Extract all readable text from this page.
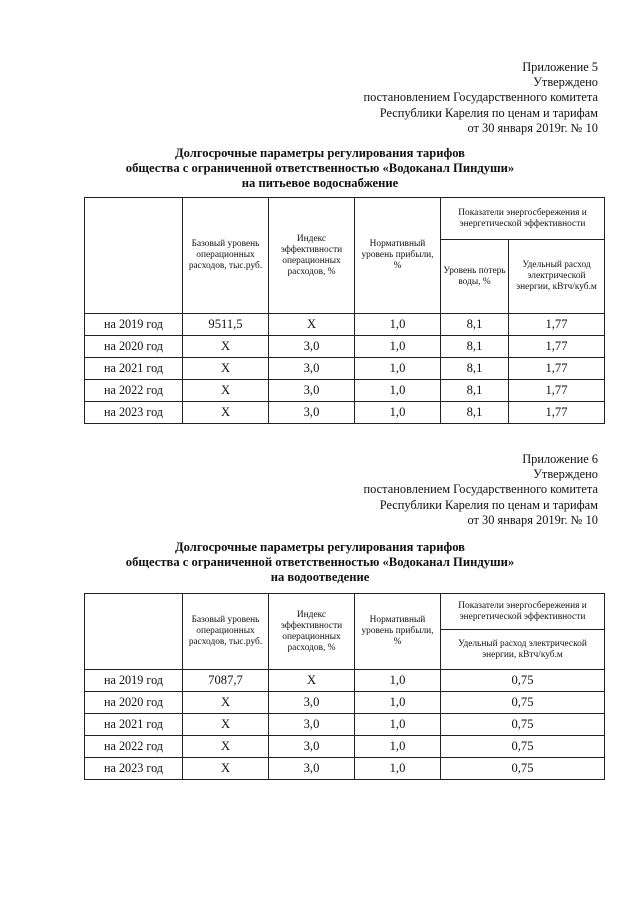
Приложение 5
Утверждено
постановлением Государственного комитета
Республики Карелия по ценам и тарифам
от 30 января 2019г. № 10
Долгосрочные параметры регулирования тарифов
общества с ограниченной ответственностью «Водоканал Пиндуши»
на питьевое водоснабжение
	Базовый уровень операционных расходов, тыс.руб.	Индекс эффективности операционных расходов, %	Нормативный уровень прибыли, %	Показатели энергосбережения и энергетической эффективности	
				Уровень потерь воды, %	Удельный расход электрической энергии, кВтч/куб.м
на 2019 год	9511,5	Х	1,0	8,1	1,77
на 2020 год	Х	3,0	1,0	8,1	1,77
на 2021 год	Х	3,0	1,0	8,1	1,77
на 2022 год	Х	3,0	1,0	8,1	1,77
на 2023 год	Х	3,0	1,0	8,1	1,77
Приложение 6
Утверждено
постановлением Государственного комитета
Республики Карелия по ценам и тарифам
от 30 января 2019г. № 10
Долгосрочные параметры регулирования тарифов
общества с ограниченной ответственностью «Водоканал Пиндуши»
на водоотведение
	Базовый уровень операционных расходов, тыс.руб.	Индекс эффективности операционных расходов, %	Нормативный уровень прибыли, %	Показатели энергосбережения и энергетической эффективности
				Удельный расход электрической энергии, кВтч/куб.м
на 2019 год	7087,7	Х	1,0	0,75
на 2020 год	Х	3,0	1,0	0,75
на 2021 год	Х	3,0	1,0	0,75
на 2022 год	Х	3,0	1,0	0,75
на 2023 год	Х	3,0	1,0	0,75
